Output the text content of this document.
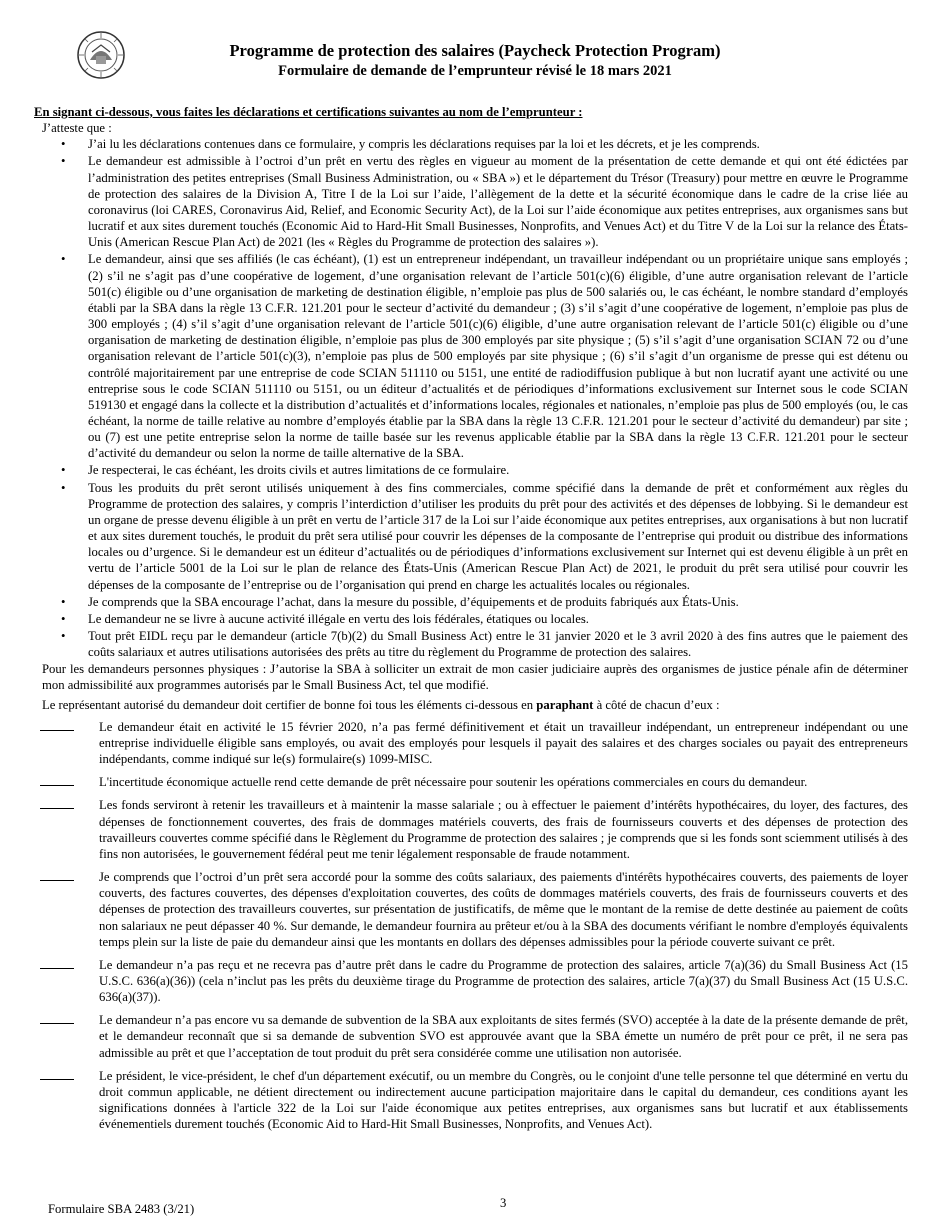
Programme de protection des salaires (Paycheck Protection Program)
Formulaire de demande de l’emprunteur révisé le 18 mars 2021
En signant ci-dessous, vous faites les déclarations et certifications suivantes au nom de l’emprunteur :
J’atteste que :
• J’ai lu les déclarations contenues dans ce formulaire, y compris les déclarations requises par la loi et les décrets, et je les comprends.
• Le demandeur est admissible à l’octroi d’un prêt en vertu des règles en vigueur au moment de la présentation de cette demande et qui ont été édictées par l’administration des petites entreprises (Small Business Administration, ou « SBA ») et le département du Trésor (Treasury) pour mettre en œuvre le Programme de protection des salaires de la Division A, Titre I de la Loi sur l’aide, l’allègement de la dette et la sécurité économique dans le cadre de la crise liée au coronavirus (loi CARES, Coronavirus Aid, Relief, and Economic Security Act), de la Loi sur l’aide économique aux petites entreprises, aux organismes sans but lucratif et aux sites durement touchés (Economic Aid to Hard-Hit Small Businesses, Nonprofits, and Venues Act) et du Titre V de la Loi sur la relance des États-Unis (American Rescue Plan Act) de 2021 (les « Règles du Programme de protection des salaires »).
• Le demandeur, ainsi que ses affiliés (le cas échéant), (1) est un entrepreneur indépendant, un travailleur indépendant ou un propriétaire unique sans employés ; (2) s’il ne s’agit pas d’une coopérative de logement, d’une organisation relevant de l’article 501(c)(6) éligible, d’une autre organisation relevant de l’article 501(c) éligible ou d’une organisation de marketing de destination éligible, n’emploie pas plus de 500 salariés ou, le cas échéant, le nombre standard d’employés établi par la SBA dans la règle 13 C.F.R. 121.201 pour le secteur d’activité du demandeur ; (3) s’il s’agit d’une coopérative de logement, n’emploie pas plus de 300 employés ; (4) s’il s’agit d’une organisation relevant de l’article 501(c)(6) éligible, d’une autre organisation relevant de l’article 501(c) éligible ou d’une organisation de marketing de destination éligible, n’emploie pas plus de 300 employés par site physique ; (5) s’il s’agit d’une organisation SCIAN 72 ou d’une organisation relevant de l’article 501(c)(3), n’emploie pas plus de 500 employés par site physique ; (6) s’il s’agit d’un organisme de presse qui est détenu ou contrôlé majoritairement par une entreprise de code SCIAN 511110 ou 5151, une entité de radiodiffusion publique à but non lucratif ayant une activité ou une entreprise sous le code SCIAN 511110 ou 5151, ou un éditeur d’actualités et de périodiques d’informations exclusivement sur Internet sous le code SCIAN 519130 et engagé dans la collecte et la distribution d’actualités et d’informations locales, régionales et nationales, n’emploie pas plus de 500 employés (ou, le cas échéant, la norme de taille relative au nombre d’employés établie par la SBA dans la règle 13 C.F.R. 121.201 pour le secteur d’activité du demandeur) par site ; ou (7) est une petite entreprise selon la norme de taille basée sur les revenus applicable établie par la SBA dans la règle 13 C.F.R. 121.201 pour le secteur d’activité du demandeur ou selon la norme de taille alternative de la SBA.
• Je respecterai, le cas échéant, les droits civils et autres limitations de ce formulaire.
• Tous les produits du prêt seront utilisés uniquement à des fins commerciales, comme spécifié dans la demande de prêt et conformément aux règles du Programme de protection des salaires, y compris l’interdiction d’utiliser les produits du prêt pour des activités et des dépenses de lobbying. Si le demandeur est un organe de presse devenu éligible à un prêt en vertu de l’article 317 de la Loi sur l’aide économique aux petites entreprises, aux organisations à but non lucratif et aux sites durement touchés, le produit du prêt sera utilisé pour couvrir les dépenses de la composante de l’entreprise qui produit ou distribue des informations locales ou d’urgence. Si le demandeur est un éditeur d’actualités ou de périodiques d’informations exclusivement sur Internet qui est devenu éligible à un prêt en vertu de l’article 5001 de la Loi sur le plan de relance des États-Unis (American Rescue Plan Act) de 2021, le produit du prêt sera utilisé pour couvrir les dépenses de la composante de l’entreprise ou de l’organisation qui prend en charge les actualités locales ou régionales.
• Je comprends que la SBA encourage l’achat, dans la mesure du possible, d’équipements et de produits fabriqués aux États-Unis.
• Le demandeur ne se livre à aucune activité illégale en vertu des lois fédérales, étatiques ou locales.
• Tout prêt EIDL reçu par le demandeur (article 7(b)(2) du Small Business Act) entre le 31 janvier 2020 et le 3 avril 2020 à des fins autres que le paiement des coûts salariaux et autres utilisations autorisées des prêts au titre du règlement du Programme de protection des salaires.
Pour les demandeurs personnes physiques : J’autorise la SBA à solliciter un extrait de mon casier judiciaire auprès des organismes de justice pénale afin de déterminer mon admissibilité aux programmes autorisés par le Small Business Act, tel que modifié.
Le représentant autorisé du demandeur doit certifier de bonne foi tous les éléments ci-dessous en paraphant à côté de chacun d’eux :
Le demandeur était en activité le 15 février 2020, n’a pas fermé définitivement et était un travailleur indépendant, un entrepreneur indépendant ou une entreprise individuelle éligible sans employés, ou avait des employés pour lesquels il payait des salaires et des charges sociales ou payait des entrepreneurs indépendants, comme indiqué sur le(s) formulaire(s) 1099-MISC.
L'incertitude économique actuelle rend cette demande de prêt nécessaire pour soutenir les opérations commerciales en cours du demandeur.
Les fonds serviront à retenir les travailleurs et à maintenir la masse salariale ; ou à effectuer le paiement d’intérêts hypothécaires, du loyer, des factures, des dépenses de fonctionnement couvertes, des frais de dommages matériels couverts, des frais de fournisseurs couverts et des dépenses de protection des travailleurs couvertes comme spécifié dans le Règlement du Programme de protection des salaires ; je comprends que si les fonds sont sciemment utilisés à des fins non autorisées, le gouvernement fédéral peut me tenir légalement responsable de fraude notamment.
Je comprends que l’octroi d’un prêt sera accordé pour la somme des coûts salariaux, des paiements d'intérêts hypothécaires couverts, des paiements de loyer couverts, des factures couvertes, des dépenses d'exploitation couvertes, des coûts de dommages matériels couverts, des frais de fournisseurs couverts et des dépenses de protection des travailleurs couvertes, sur présentation de justificatifs, de même que le montant de la remise de dette destinée au paiement de coûts non salariaux ne peut dépasser 40 %. Sur demande, le demandeur fournira au prêteur et/ou à la SBA des documents vérifiant le nombre d'employés équivalents temps plein sur la liste de paie du demandeur ainsi que les montants en dollars des dépenses admissibles pour la période couverte suivant ce prêt.
Le demandeur n’a pas reçu et ne recevra pas d’autre prêt dans le cadre du Programme de protection des salaires, article 7(a)(36) du Small Business Act (15 U.S.C. 636(a)(36)) (cela n’inclut pas les prêts du deuxième tirage du Programme de protection des salaires, article 7(a)(37) du Small Business Act (15 U.S.C. 636(a)(37)).
Le demandeur n’a pas encore vu sa demande de subvention de la SBA aux exploitants de sites fermés (SVO) acceptée à la date de la présente demande de prêt, et le demandeur reconnaît que si sa demande de subvention SVO est approuvée avant que la SBA émette un numéro de prêt pour ce prêt, il ne sera pas admissible au prêt et que l’acceptation de tout produit du prêt sera considérée comme une utilisation non autorisée.
Le président, le vice-président, le chef d'un département exécutif, ou un membre du Congrès, ou le conjoint d'une telle personne tel que déterminé en vertu du droit commun applicable, ne détient directement ou indirectement aucune participation majoritaire dans le capital du demandeur, ces conditions ayant les significations données à l'article 322 de la Loi sur l'aide économique aux petites entreprises, aux organismes sans but lucratif et aux établissements événementiels durement touchés (Economic Aid to Hard-Hit Small Businesses, Nonprofits, and Venues Act).
3
Formulaire SBA 2483 (3/21)
